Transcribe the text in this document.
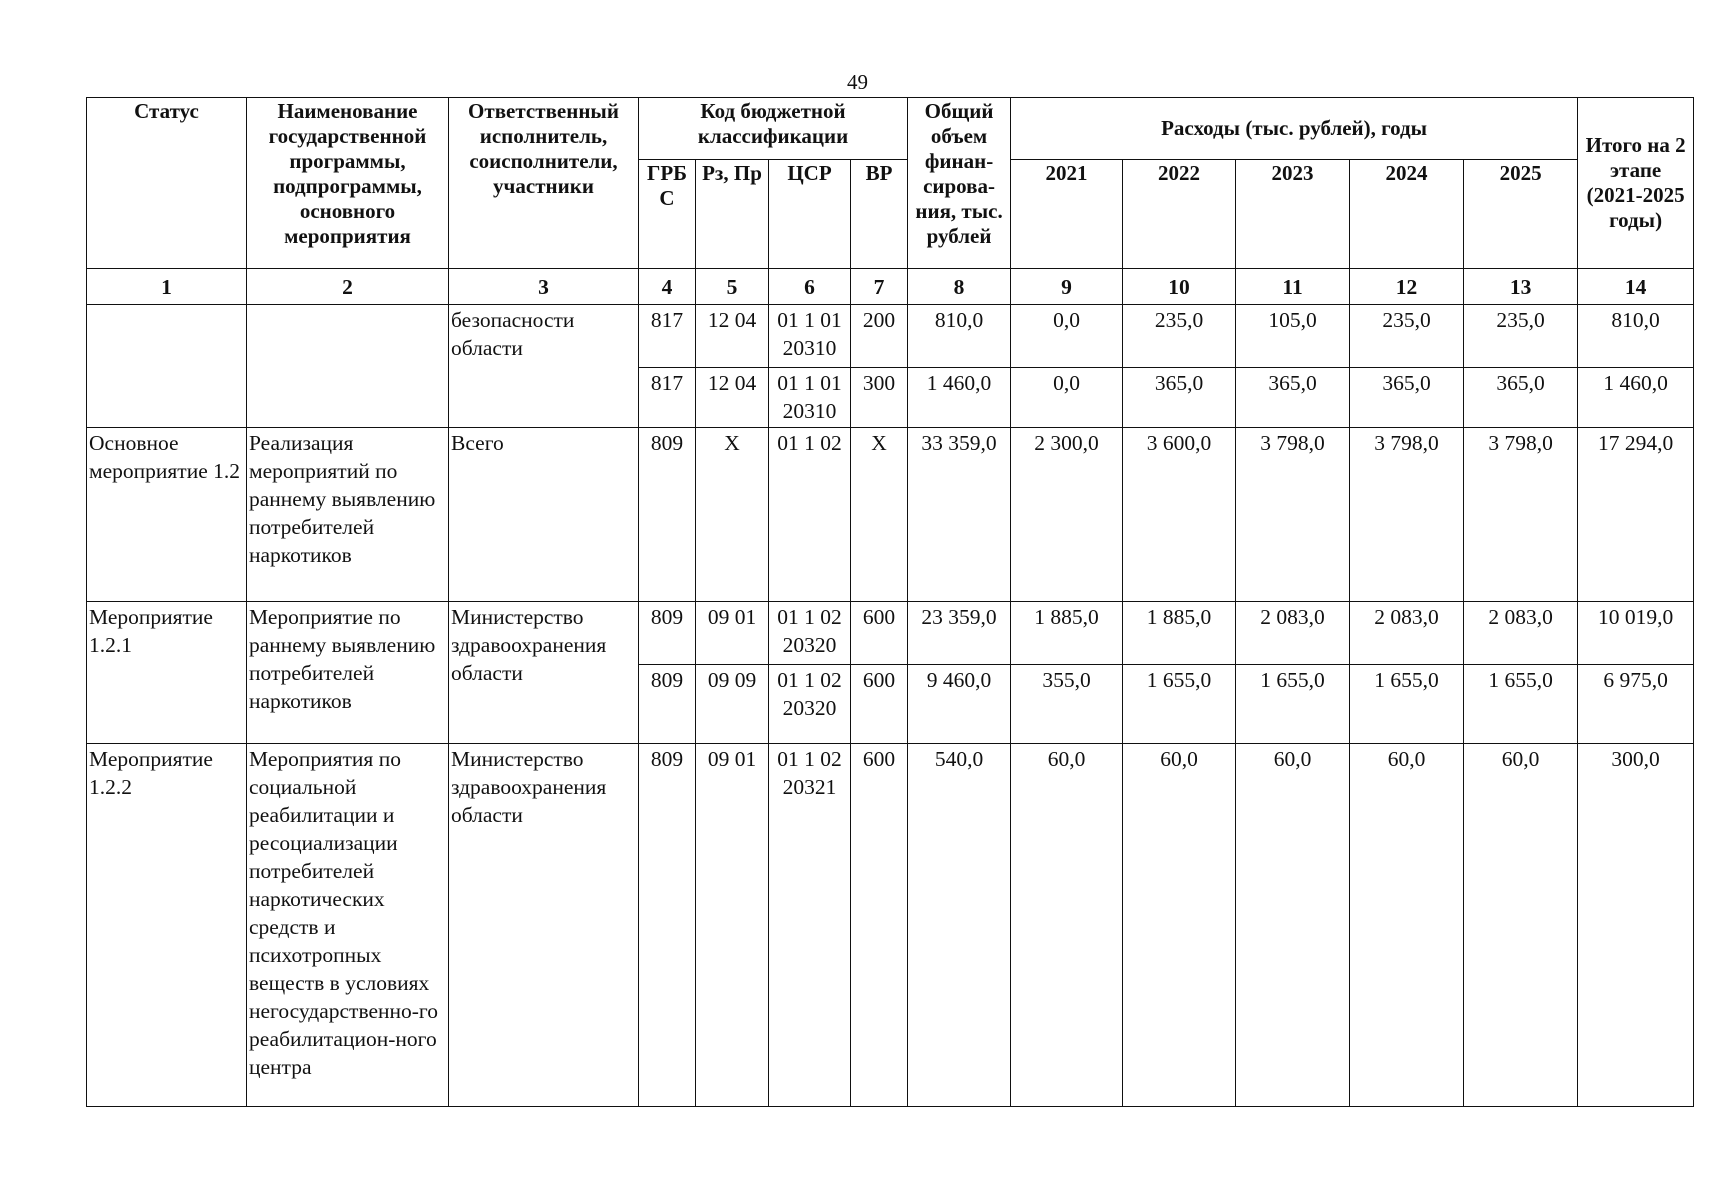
49
Статус	Наименование государственной программы, подпрограммы, основного мероприятия	Ответственный исполнитель, соисполнители, участники	Код бюджетной классификации				Общий объем финан-сирова-ния, тыс. рублей	Расходы (тыс. рублей), годы					Итого на 2 этапе (2021-2025 годы)
			ГРБ С	Рз, Пр	ЦСР	ВР		2021	2022	2023	2024	2025	
1	2	3	4	5	6	7	8	9	10	11	12	13	14
		безопасности области	817	12 04	01 1 01 20310	200	810,0	0,0	235,0	105,0	235,0	235,0	810,0
			817	12 04	01 1 01 20310	300	1 460,0	0,0	365,0	365,0	365,0	365,0	1 460,0
Основное мероприятие 1.2	Реализация мероприятий по раннему выявлению потребителей наркотиков	Всего	809	Х	01 1 02	Х	33 359,0	2 300,0	3 600,0	3 798,0	3 798,0	3 798,0	17 294,0
Мероприятие 1.2.1	Мероприятие по раннему выявлению потребителей наркотиков	Министерство здравоохранения области	809	09 01	01 1 02 20320	600	23 359,0	1 885,0	1 885,0	2 083,0	2 083,0	2 083,0	10 019,0
			809	09 09	01 1 02 20320	600	9 460,0	355,0	1 655,0	1 655,0	1 655,0	1 655,0	6 975,0
Мероприятие 1.2.2	Мероприятия по социальной реабилитации и ресоциализации потребителей наркотических средств и психотропных веществ в условиях негосударственно-го реабилитацион-ного центра	Министерство здравоохранения области	809	09 01	01 1 02 20321	600	540,0	60,0	60,0	60,0	60,0	60,0	300,0
